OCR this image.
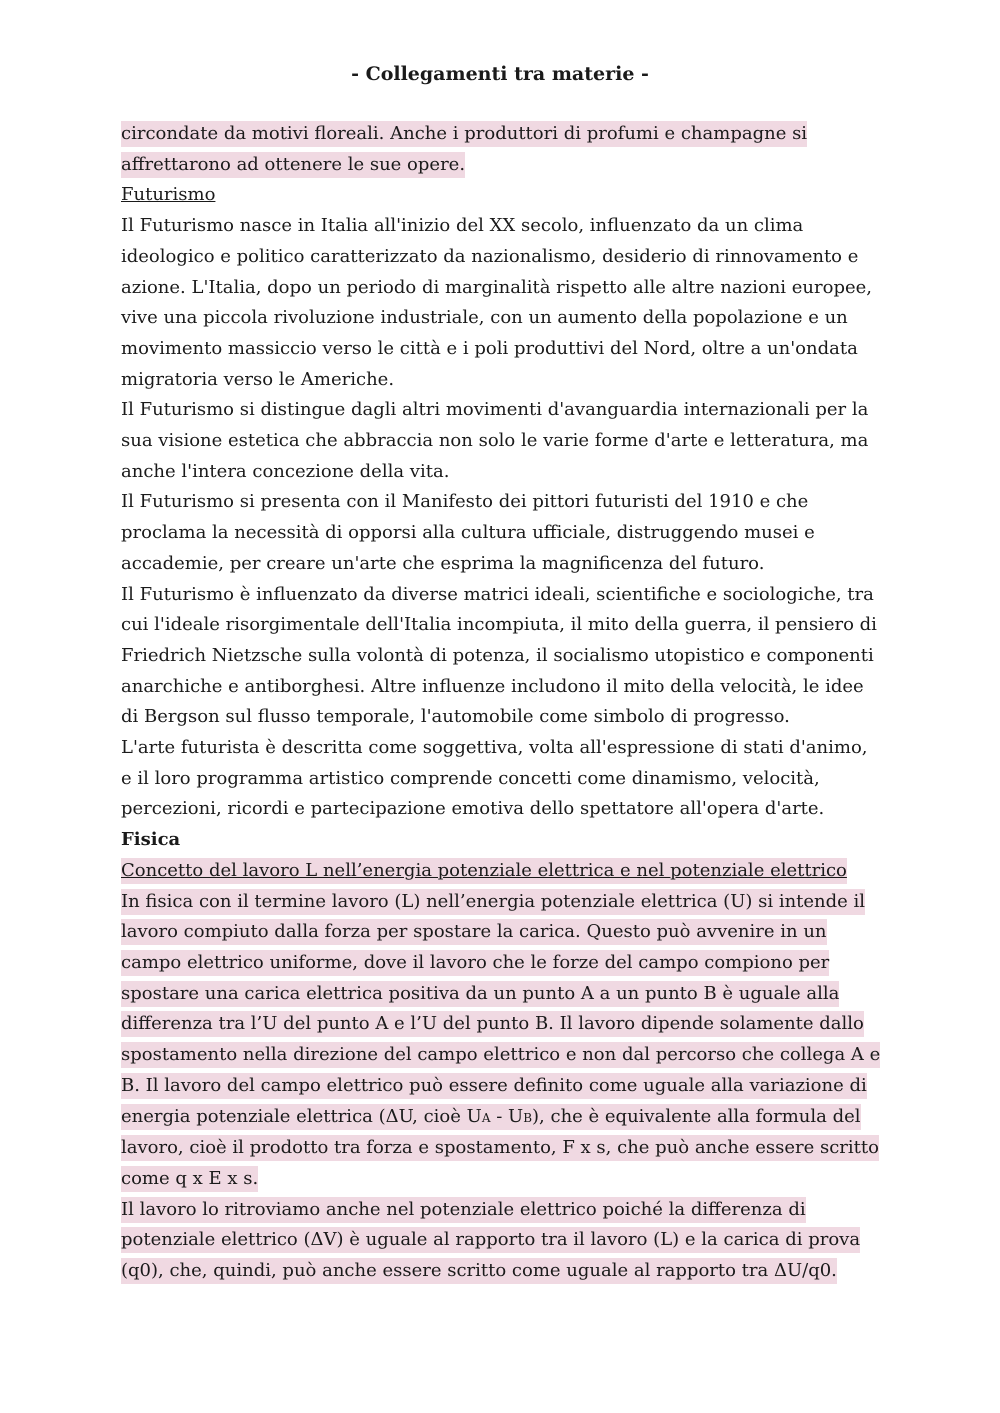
- Collegamenti tra materie -

circondate da motivi floreali. Anche i produttori di profumi e champagne si affrettarono ad ottenere le sue opere.

Futurismo

Il Futurismo nasce in Italia all'inizio del XX secolo, influenzato da un clima ideologico e politico caratterizzato da nazionalismo, desiderio di rinnovamento e azione. L'Italia, dopo un periodo di marginalità rispetto alle altre nazioni europee, vive una piccola rivoluzione industriale, con un aumento della popolazione e un movimento massiccio verso le città e i poli produttivi del Nord, oltre a un'ondata migratoria verso le Americhe.

Il Futurismo si distingue dagli altri movimenti d'avanguardia internazionali per la sua visione estetica che abbraccia non solo le varie forme d'arte e letteratura, ma anche l'intera concezione della vita.

Il Futurismo si presenta con il Manifesto dei pittori futuristi del 1910 e che proclama la necessità di opporsi alla cultura ufficiale, distruggendo musei e accademie, per creare un'arte che esprima la magnificenza del futuro.

Il Futurismo è influenzato da diverse matrici ideali, scientifiche e sociologiche, tra cui l'ideale risorgimentale dell'Italia incompiuta, il mito della guerra, il pensiero di Friedrich Nietzsche sulla volontà di potenza, il socialismo utopistico e componenti anarchiche e antiborghesi. Altre influenze includono il mito della velocità, le idee di Bergson sul flusso temporale, l'automobile come simbolo di progresso.

L'arte futurista è descritta come soggettiva, volta all'espressione di stati d'animo, e il loro programma artistico comprende concetti come dinamismo, velocità, percezioni, ricordi e partecipazione emotiva dello spettatore all'opera d'arte.

Fisica

Concetto del lavoro L nell’energia potenziale elettrica e nel potenziale elettrico

In fisica con il termine lavoro (L) nell’energia potenziale elettrica (U) si intende il lavoro compiuto dalla forza per spostare la carica. Questo può avvenire in un campo elettrico uniforme, dove il lavoro che le forze del campo compiono per spostare una carica elettrica positiva da un punto A a un punto B è uguale alla differenza tra l’U del punto A e l’U del punto B. Il lavoro dipende solamente dallo spostamento nella direzione del campo elettrico e non dal percorso che collega A e B. Il lavoro del campo elettrico può essere definito come uguale alla variazione di energia potenziale elettrica (ΔU, cioè UA - UB), che è equivalente alla formula del lavoro, cioè il prodotto tra forza e spostamento, F x s, che può anche essere scritto come q x E x s.

Il lavoro lo ritroviamo anche nel potenziale elettrico poiché la differenza di potenziale elettrico (ΔV) è uguale al rapporto tra il lavoro (L) e la carica di prova (q0), che, quindi, può anche essere scritto come uguale al rapporto tra ΔU/q0.
